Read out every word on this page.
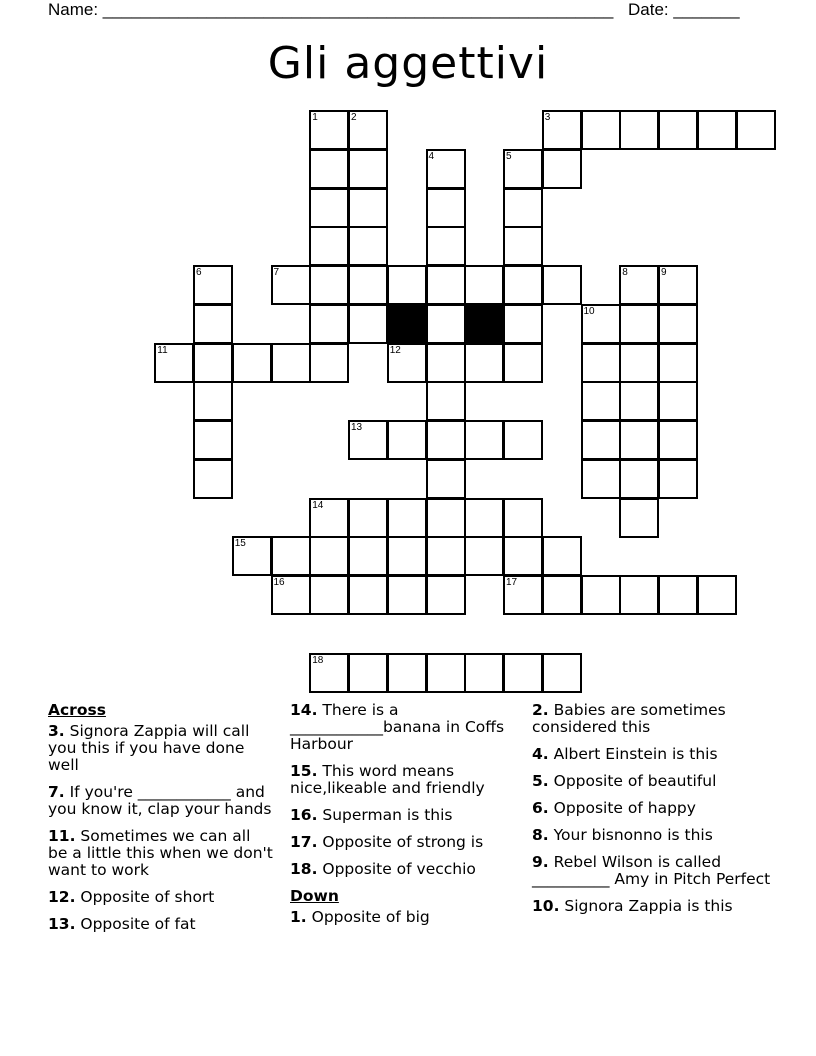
Name: ______________________________________________________ Date: _______
Gli aggettivi
1	2	3
4	5
6	7	8	9
10
11	12
13
14
15
16	17
18
Across
3. Signora Zappia will call you this if you have done well
7. If you're ____________ and you know it, clap your hands
11. Sometimes we can all be a little this when we don't want to work
12. Opposite of short
13. Opposite of fat
14. There is a ____________banana in Coffs Harbour
15. This word means nice,likeable and friendly
16. Superman is this
17. Opposite of strong is
18. Opposite of vecchio
Down
1. Opposite of big
2. Babies are sometimes considered this
4. Albert Einstein is this
5. Opposite of beautiful
6. Opposite of happy
8. Your bisnonno is this
9. Rebel Wilson is called __________ Amy in Pitch Perfect
10. Signora Zappia is this
